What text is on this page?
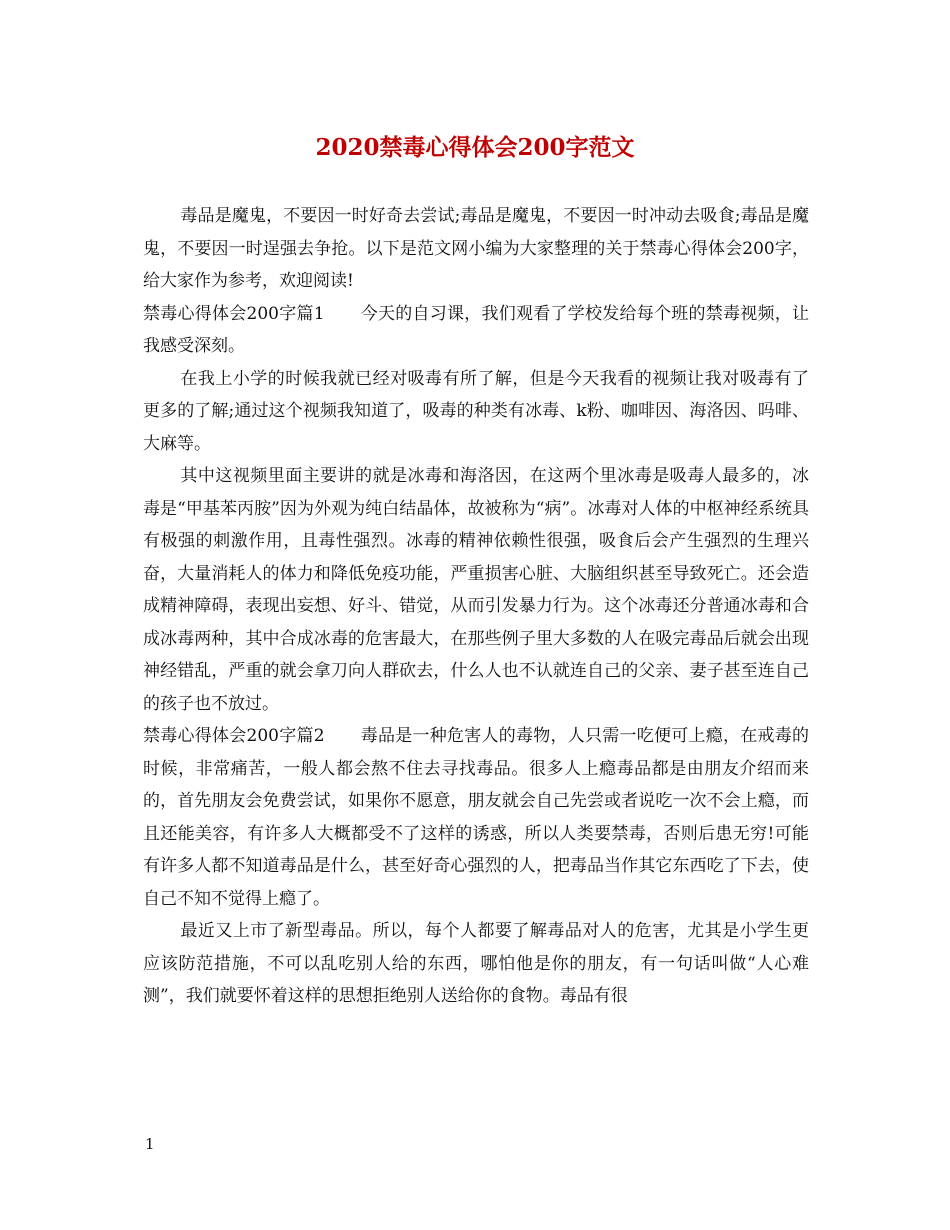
2020禁毒心得体会200字范文

毒品是魔鬼，不要因一时好奇去尝试;毒品是魔鬼，不要因一时冲动去吸食;毒品是魔鬼，不要因一时逞强去争抢。以下是范文网小编为大家整理的关于禁毒心得体会200字，给大家作为参考，欢迎阅读!

禁毒心得体会200字篇1 今天的自习课，我们观看了学校发给每个班的禁毒视频，让我感受深刻。

在我上小学的时候我就已经对吸毒有所了解，但是今天我看的视频让我对吸毒有了更多的了解;通过这个视频我知道了，吸毒的种类有冰毒、k粉、咖啡因、海洛因、吗啡、大麻等。

其中这视频里面主要讲的就是冰毒和海洛因，在这两个里冰毒是吸毒人最多的，冰毒是“甲基苯丙胺”因为外观为纯白结晶体，故被称为“病”。冰毒对人体的中枢神经系统具有极强的刺激作用，且毒性强烈。冰毒的精神依赖性很强，吸食后会产生强烈的生理兴奋，大量消耗人的体力和降低免疫功能，严重损害心脏、大脑组织甚至导致死亡。还会造成精神障碍，表现出妄想、好斗、错觉，从而引发暴力行为。这个冰毒还分普通冰毒和合成冰毒两种，其中合成冰毒的危害最大，在那些例子里大多数的人在吸完毒品后就会出现神经错乱，严重的就会拿刀向人群砍去，什么人也不认就连自己的父亲、妻子甚至连自己的孩子也不放过。

禁毒心得体会200字篇2 毒品是一种危害人的毒物，人只需一吃便可上瘾，在戒毒的时候，非常痛苦，一般人都会熬不住去寻找毒品。很多人上瘾毒品都是由朋友介绍而来的，首先朋友会免费尝试，如果你不愿意，朋友就会自己先尝或者说吃一次不会上瘾，而且还能美容，有许多人大概都受不了这样的诱惑，所以人类要禁毒，否则后患无穷!可能有许多人都不知道毒品是什么，甚至好奇心强烈的人，把毒品当作其它东西吃了下去，使自己不知不觉得上瘾了。

最近又上市了新型毒品。所以，每个人都要了解毒品对人的危害，尤其是小学生更应该防范措施，不可以乱吃别人给的东西，哪怕他是你的朋友，有一句话叫做“人心难测”，我们就要怀着这样的思想拒绝别人送给你的食物。毒品有很

1
